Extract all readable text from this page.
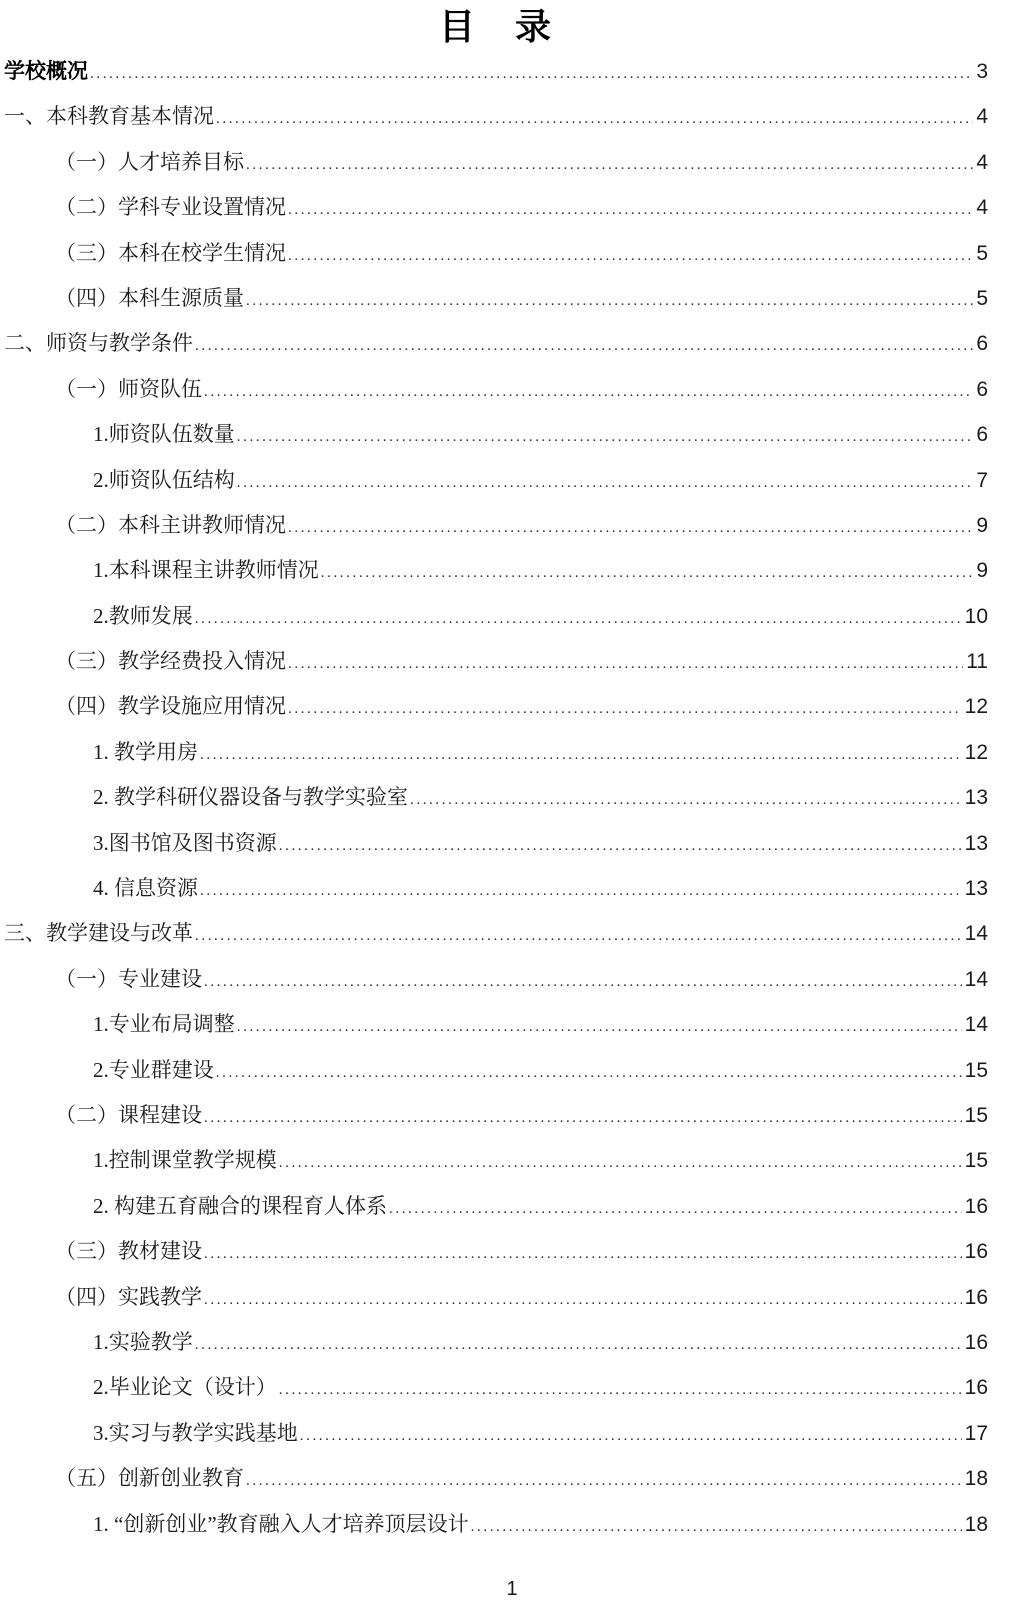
目　录
学校概况 .....	3
一、本科教育基本情况 .....	4
（一）人才培养目标 .....	4
（二）学科专业设置情况 .....	4
（三）本科在校学生情况 .....	5
（四）本科生源质量 .....	5
二、师资与教学条件 .....	6
（一）师资队伍 .....	6
1.师资队伍数量 .....	6
2.师资队伍结构 .....	7
（二）本科主讲教师情况 .....	9
1.本科课程主讲教师情况 .....	9
2.教师发展 .....	10
（三）教学经费投入情况 .....	11
（四）教学设施应用情况 .....	12
1. 教学用房 .....	12
2. 教学科研仪器设备与教学实验室 .....	13
3.图书馆及图书资源 .....	13
4. 信息资源 .....	13
三、教学建设与改革 .....	14
（一）专业建设 .....	14
1.专业布局调整 .....	14
2.专业群建设 .....	15
（二）课程建设 .....	15
1.控制课堂教学规模 .....	15
2. 构建五育融合的课程育人体系 .....	16
（三）教材建设 .....	16
（四）实践教学 .....	16
1.实验教学 .....	16
2.毕业论文（设计） .....	16
3.实习与教学实践基地 .....	17
（五）创新创业教育 .....	18
1. “创新创业”教育融入人才培养顶层设计 .....	18
1
